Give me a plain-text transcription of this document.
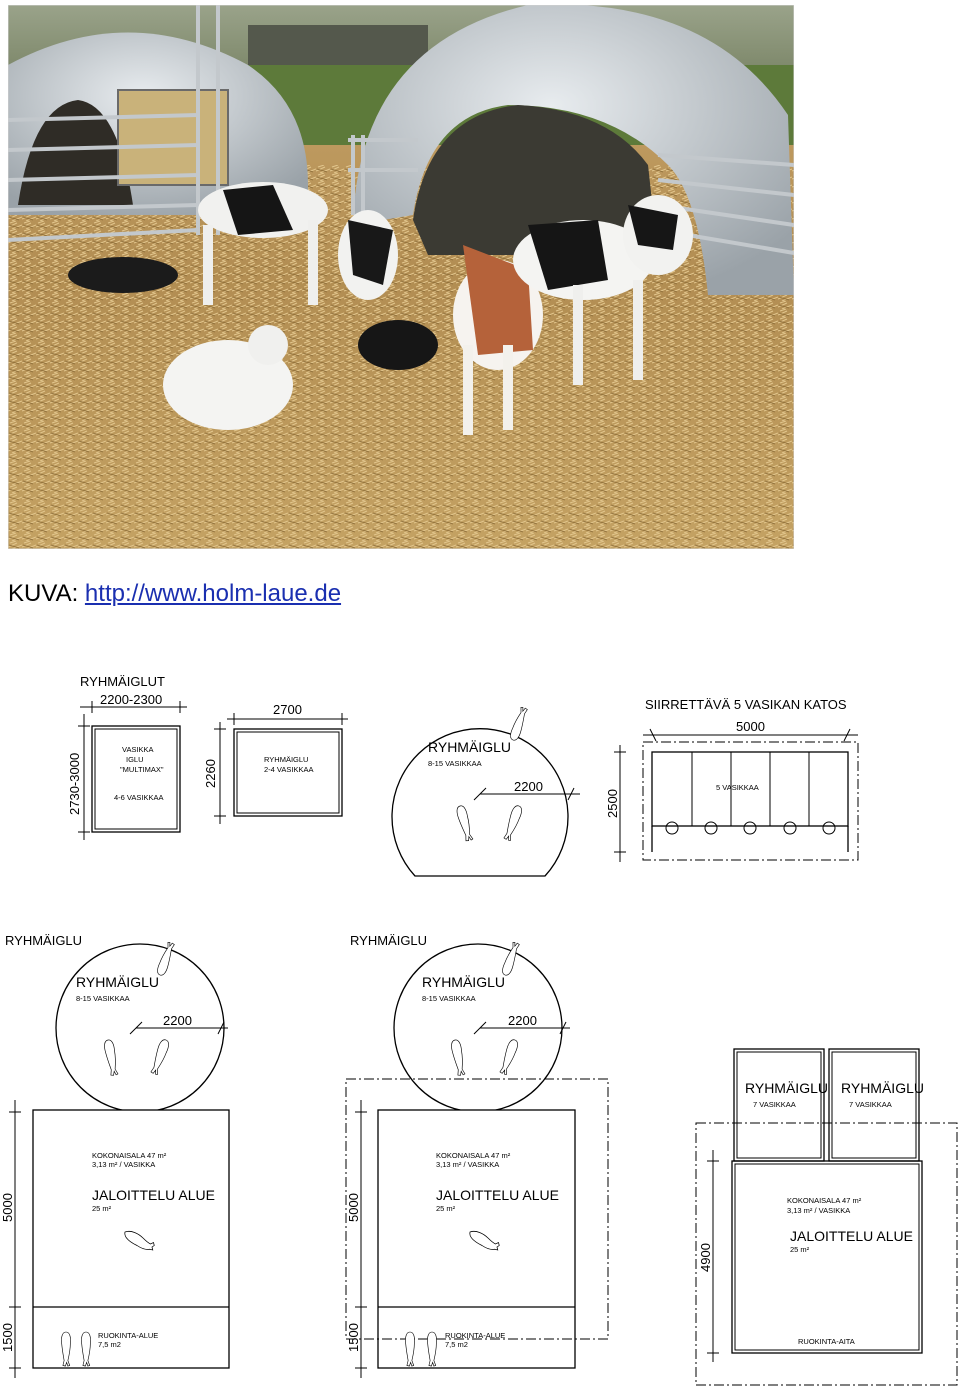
KUVA: http://www.holm-laue.de
RYHMÄIGLUT
2200-2300
2730-3000
VASIKKA
IGLU
"MULTIMAX"
4-6 VASIKKAA
2700
2260	RYHMÄIGLU
2-4 VASIKKAA
RYHMÄIGLU
8-15 VASIKKAA
2200
SIIRRETTÄVÄ 5 VASIKAN KATOS
5000
2500
5 VASIKKAA
RYHMÄIGLU
RYHMÄIGLU
8-15 VASIKKAA
2200
KOKONAISALA 47 m²
3,13 m² / VASIKKA
JALOITTELU ALUE
25 m²
RUOKINTA-ALUE
7,5 m2
5000
1500
RYHMÄIGLU
RYHMÄIGLU
8-15 VASIKKAA
2200
KOKONAISALA 47 m²
3,13 m² / VASIKKA
JALOITTELU ALUE
25 m²
RUOKINTA-ALUE
7,5 m2
5000
1500
RYHMÄIGLU
7 VASIKKAA
RYHMÄIGLU
7 VASIKKAA
KOKONAISALA 47 m²
3,13 m² / VASIKKA
JALOITTELU ALUE
25 m²
RUOKINTA-AITA
4900
